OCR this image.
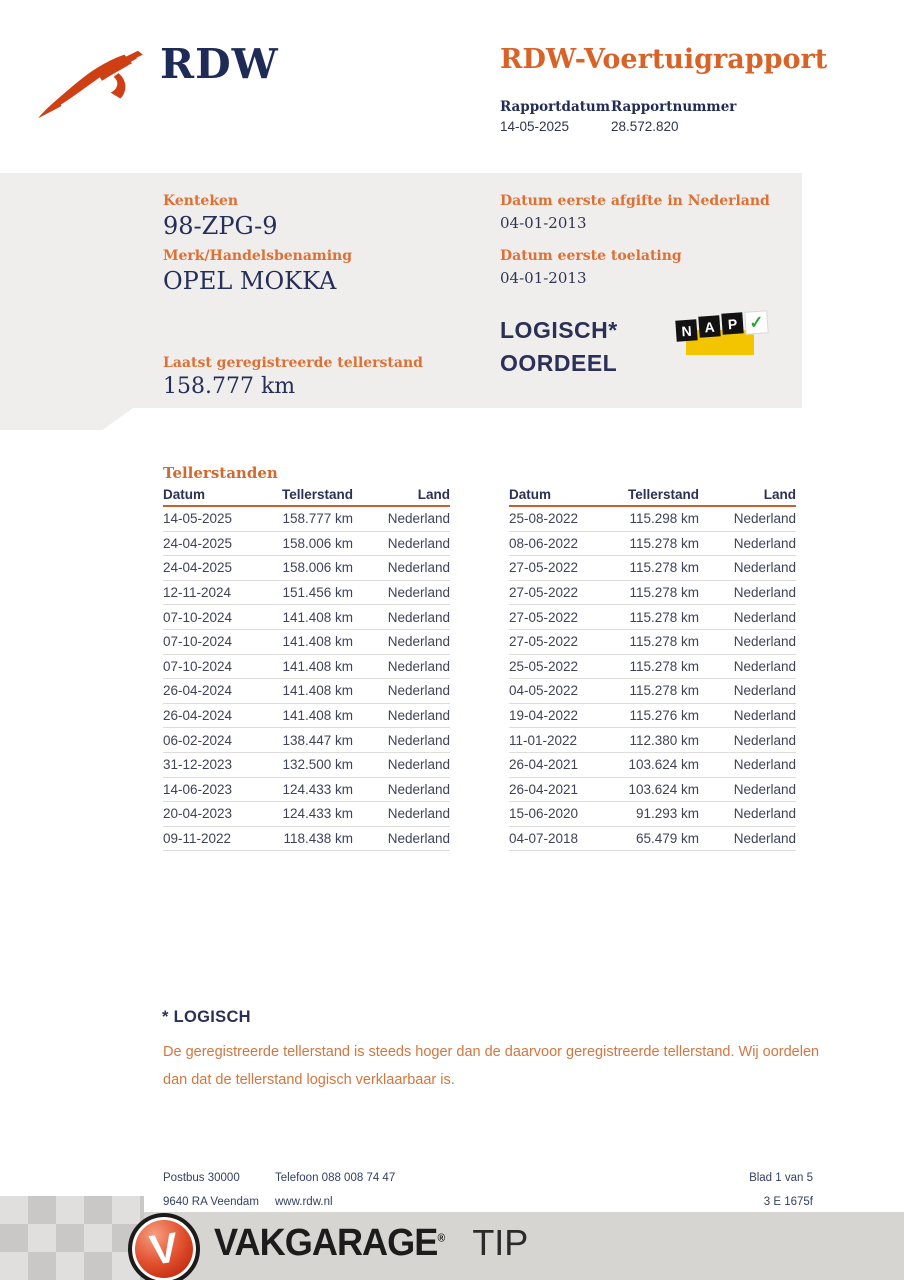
RDW	RDW-Voertuigrapport
Rapportdatum Rapportnummer
14-05-2025	28.572.820
Kenteken
98-ZPG-9
Merk/Handelsbenaming
OPEL MOKKA
Laatst geregistreerde tellerstand
158.777 km
Datum eerste afgifte in Nederland
04-01-2013
Datum eerste toelating
04-01-2013
LOGISCH*
OORDEEL
N A P ✓
Tellerstanden
Datum	Tellerstand	Land
14-05-2025	158.777 km	Nederland
24-04-2025	158.006 km	Nederland
24-04-2025	158.006 km	Nederland
12-11-2024	151.456 km	Nederland
07-10-2024	141.408 km	Nederland
07-10-2024	141.408 km	Nederland
07-10-2024	141.408 km	Nederland
26-04-2024	141.408 km	Nederland
26-04-2024	141.408 km	Nederland
06-02-2024	138.447 km	Nederland
31-12-2023	132.500 km	Nederland
14-06-2023	124.433 km	Nederland
20-04-2023	124.433 km	Nederland
09-11-2022	118.438 km	Nederland
Datum	Tellerstand	Land
25-08-2022	115.298 km	Nederland
08-06-2022	115.278 km	Nederland
27-05-2022	115.278 km	Nederland
27-05-2022	115.278 km	Nederland
27-05-2022	115.278 km	Nederland
27-05-2022	115.278 km	Nederland
25-05-2022	115.278 km	Nederland
04-05-2022	115.278 km	Nederland
19-04-2022	115.276 km	Nederland
11-01-2022	112.380 km	Nederland
26-04-2021	103.624 km	Nederland
26-04-2021	103.624 km	Nederland
15-06-2020	91.293 km	Nederland
04-07-2018	65.479 km	Nederland
* LOGISCH
De geregistreerde tellerstand is steeds hoger dan de daarvoor geregistreerde tellerstand. Wij oordelen dan dat de tellerstand logisch verklaarbaar is.
Postbus 30000	Telefoon 088 008 74 47	Blad 1 van 5
9640 RA Veendam www.rdw.nl	3 E 1675f
V VAKGARAGE® TIP
